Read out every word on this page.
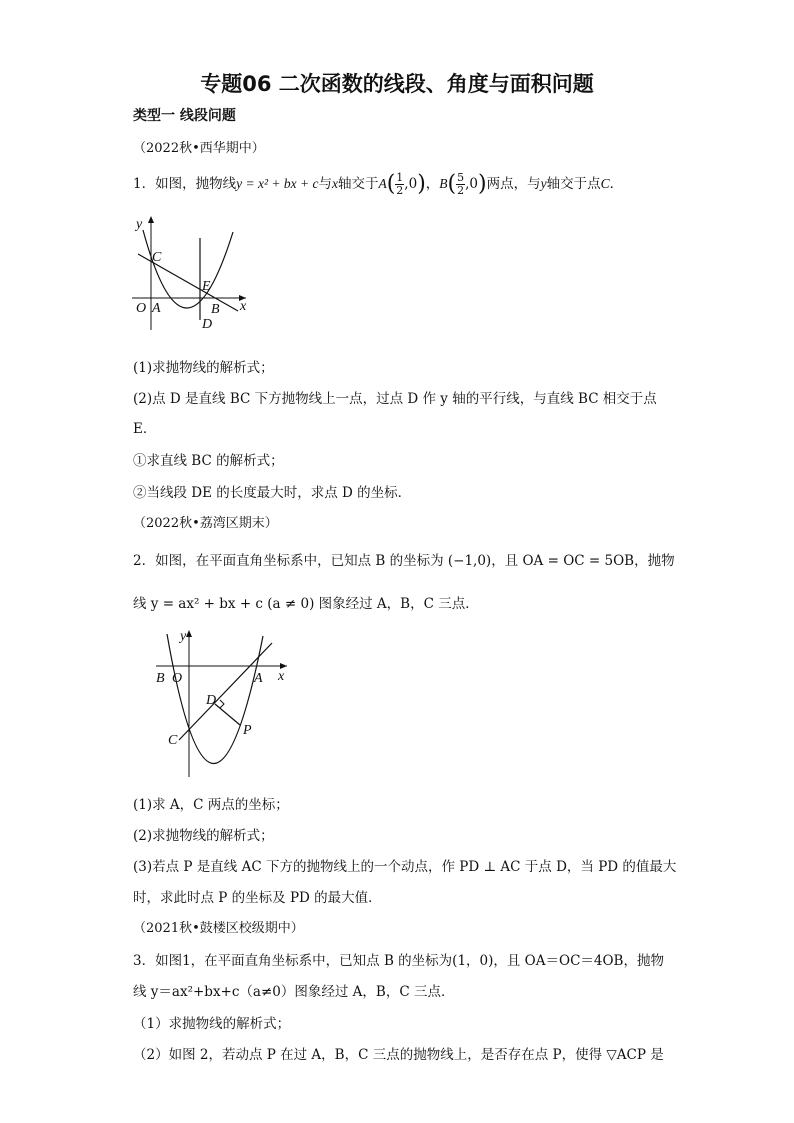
专题06 二次函数的线段、角度与面积问题
类型一 线段问题
（2022秋•西华期中）
1．如图，抛物线y = x² + bx + c与x轴交于$A( \frac{1}{2} ,0)$，$B( \frac{5}{2} ,0)$两点，与y轴交于点C．
y
x
C
E
O A	B
D
(1)求抛物线的解析式；
(2)点 D 是直线 BC 下方抛物线上一点，过点 D 作 y 轴的平行线，与直线 BC 相交于点
E．
①求直线 BC 的解析式；
②当线段 DE 的长度最大时，求点 D 的坐标．
（2022秋•荔湾区期末）
2．如图，在平面直角坐标系中，已知点 B 的坐标为 (−1,0)，且 OA = OC = 5OB，抛物
线 y = ax² + bx + c (a ≠ 0) 图象经过 A，B，C 三点．
y
x
B O	A
D
P
C
(1)求 A，C 两点的坐标；
(2)求抛物线的解析式；
(3)若点 P 是直线 AC 下方的抛物线上的一个动点，作 PD ⊥ AC 于点 D，当 PD 的值最大
时，求此时点 P 的坐标及 PD 的最大值．
（2021秋•鼓楼区校级期中）
3．如图1，在平面直角坐标系中，已知点 B 的坐标为(1，0)，且 OA＝OC＝4OB，抛物
线 y＝ax²+bx+c（a≠0）图象经过 A，B，C 三点．
（1）求抛物线的解析式；
（2）如图 2，若动点 P 在过 A，B，C 三点的抛物线上，是否存在点 P，使得 ▽ACP 是
